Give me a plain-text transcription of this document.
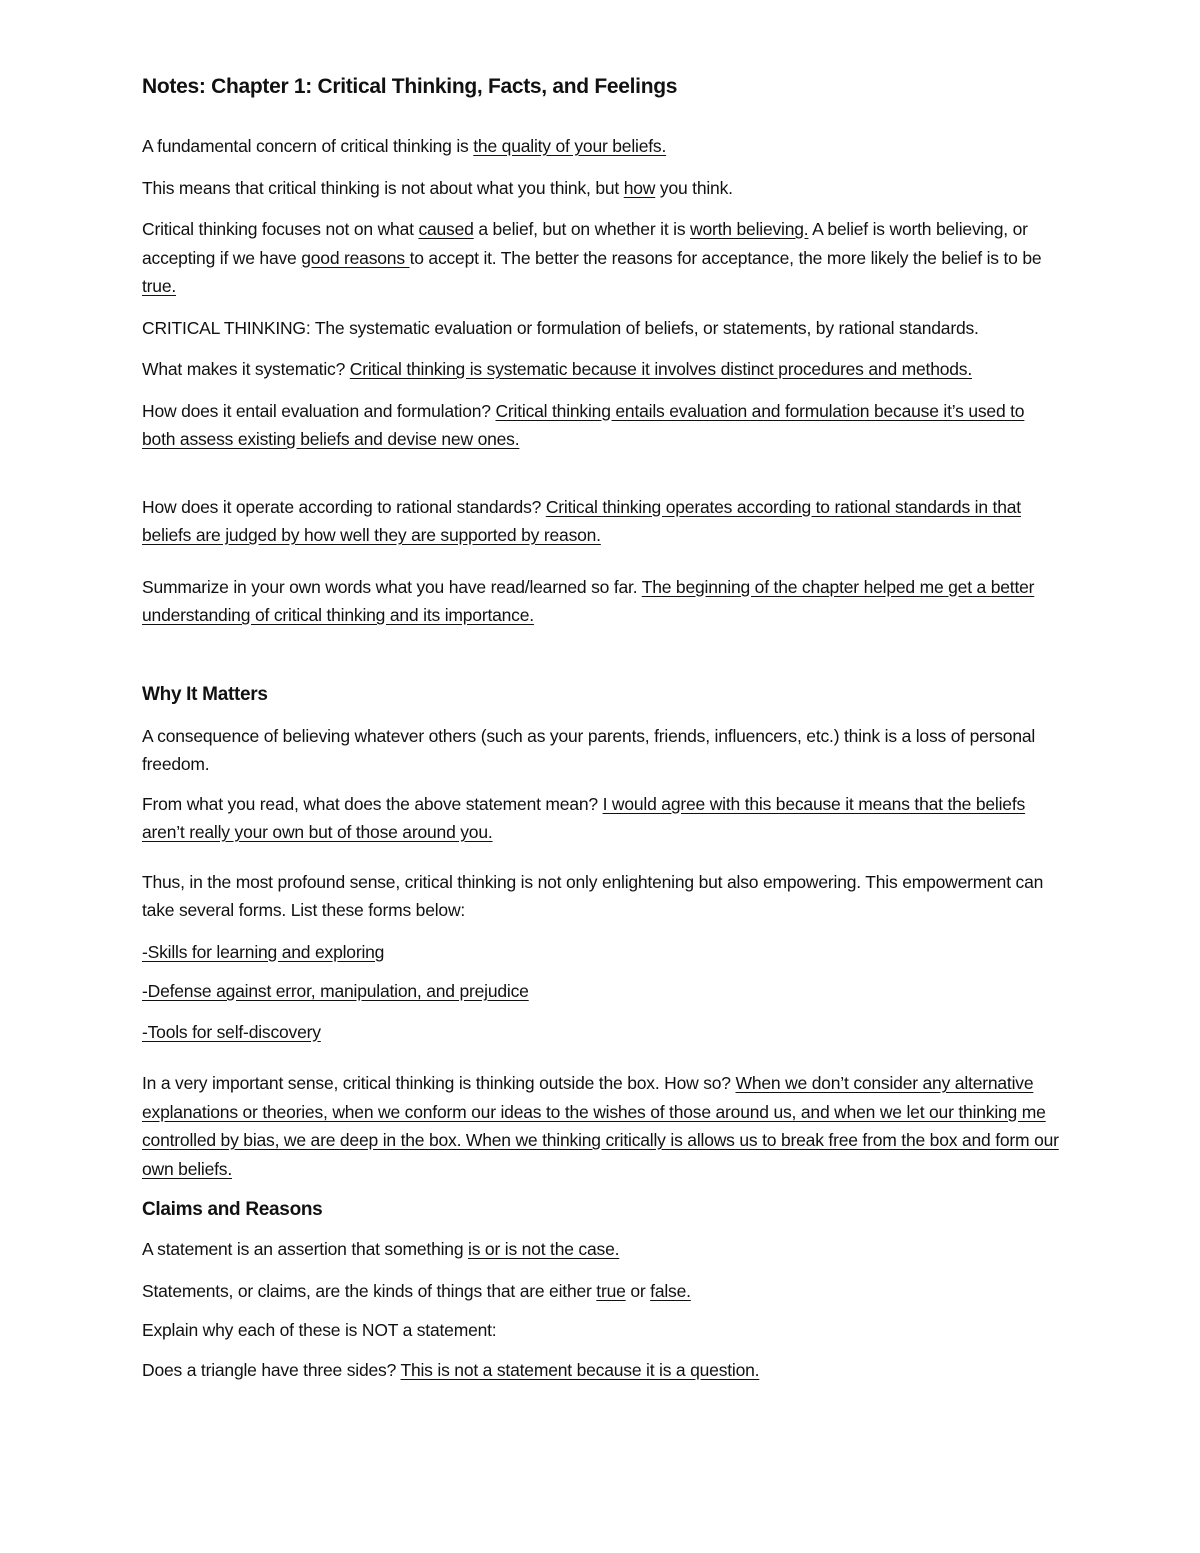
Notes: Chapter 1: Critical Thinking, Facts, and Feelings

A fundamental concern of critical thinking is the quality of your beliefs.

This means that critical thinking is not about what you think, but how you think.

Critical thinking focuses not on what caused a belief, but on whether it is worth believing. A belief is worth believing, or accepting if we have good reasons to accept it. The better the reasons for acceptance, the more likely the belief is to be true.

CRITICAL THINKING: The systematic evaluation or formulation of beliefs, or statements, by rational standards.

What makes it systematic? Critical thinking is systematic because it involves distinct procedures and methods.

How does it entail evaluation and formulation? Critical thinking entails evaluation and formulation because it’s used to both assess existing beliefs and devise new ones.

How does it operate according to rational standards? Critical thinking operates according to rational standards in that beliefs are judged by how well they are supported by reason.

Summarize in your own words what you have read/learned so far. The beginning of the chapter helped me get a better understanding of critical thinking and its importance.

Why It Matters

A consequence of believing whatever others (such as your parents, friends, influencers, etc.) think is a loss of personal freedom.

From what you read, what does the above statement mean? I would agree with this because it means that the beliefs aren’t really your own but of those around you.

Thus, in the most profound sense, critical thinking is not only enlightening but also empowering. This empowerment can take several forms. List these forms below:

-Skills for learning and exploring

-Defense against error, manipulation, and prejudice

-Tools for self-discovery

In a very important sense, critical thinking is thinking outside the box. How so? When we don’t consider any alternative explanations or theories, when we conform our ideas to the wishes of those around us, and when we let our thinking me controlled by bias, we are deep in the box. When we thinking critically is allows us to break free from the box and form our own beliefs.

Claims and Reasons

A statement is an assertion that something is or is not the case.

Statements, or claims, are the kinds of things that are either true or false.

Explain why each of these is NOT a statement:

Does a triangle have three sides? This is not a statement because it is a question.
